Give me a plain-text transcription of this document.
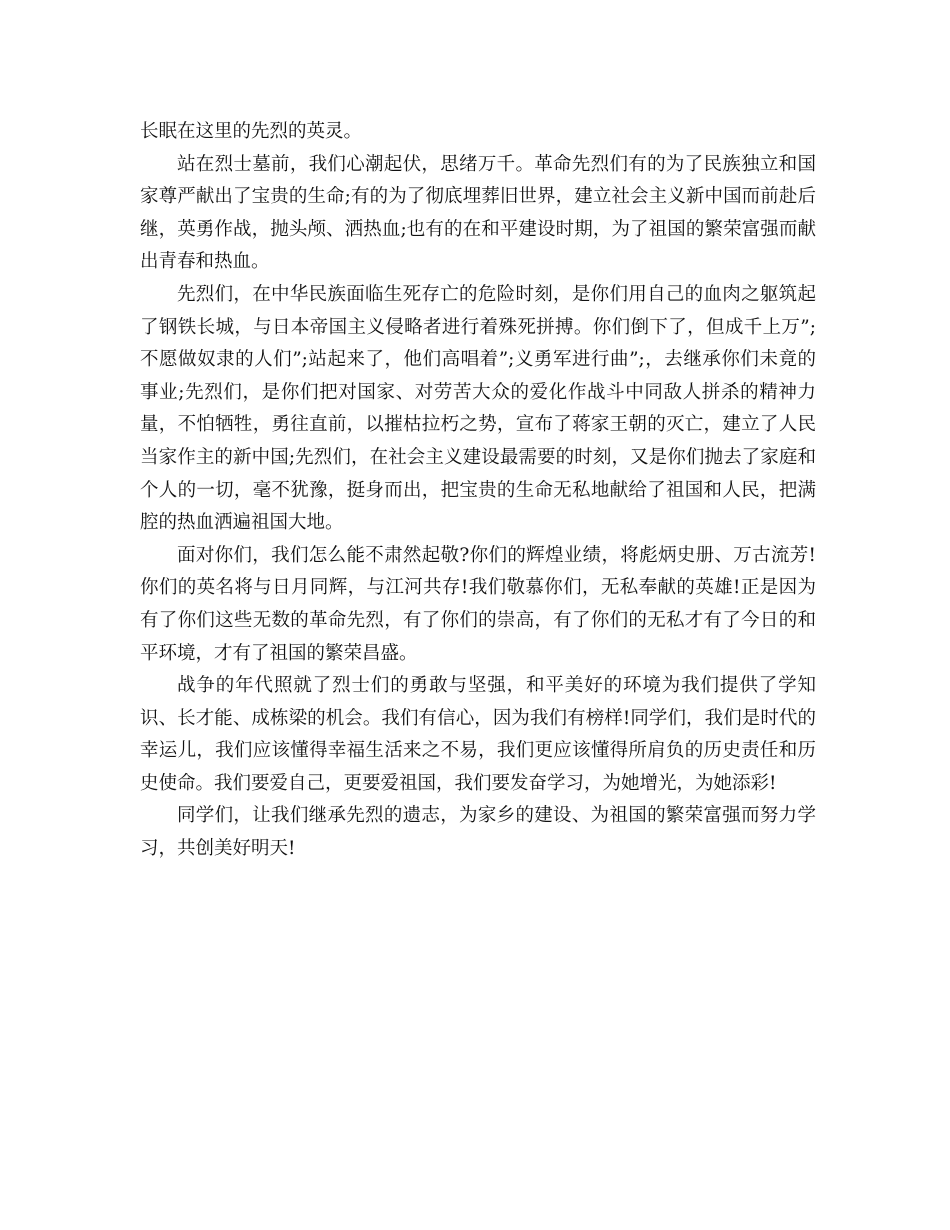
长眠在这里的先烈的英灵。

站在烈士墓前，我们心潮起伏，思绪万千。革命先烈们有的为了民族独立和国家尊严献出了宝贵的生命;有的为了彻底埋葬旧世界，建立社会主义新中国而前赴后继，英勇作战，抛头颅、洒热血;也有的在和平建设时期，为了祖国的繁荣富强而献出青春和热血。

先烈们，在中华民族面临生死存亡的危险时刻，是你们用自己的血肉之躯筑起了钢铁长城，与日本帝国主义侵略者进行着殊死拼搏。你们倒下了，但成千上万”;不愿做奴隶的人们”;站起来了，他们高唱着”;义勇军进行曲”;，去继承你们未竟的事业;先烈们，是你们把对国家、对劳苦大众的爱化作战斗中同敌人拼杀的精神力量，不怕牺牲，勇往直前，以摧枯拉朽之势，宣布了蒋家王朝的灭亡，建立了人民当家作主的新中国;先烈们，在社会主义建设最需要的时刻，又是你们抛去了家庭和个人的一切，毫不犹豫，挺身而出，把宝贵的生命无私地献给了祖国和人民，把满腔的热血洒遍祖国大地。

面对你们，我们怎么能不肃然起敬?你们的辉煌业绩，将彪炳史册、万古流芳!你们的英名将与日月同辉，与江河共存!我们敬慕你们，无私奉献的英雄!正是因为有了你们这些无数的革命先烈，有了你们的崇高，有了你们的无私才有了今日的和平环境，才有了祖国的繁荣昌盛。

战争的年代照就了烈士们的勇敢与坚强，和平美好的环境为我们提供了学知识、长才能、成栋梁的机会。我们有信心，因为我们有榜样!同学们，我们是时代的幸运儿，我们应该懂得幸福生活来之不易，我们更应该懂得所肩负的历史责任和历史使命。我们要爱自己，更要爱祖国，我们要发奋学习，为她增光，为她添彩!

同学们，让我们继承先烈的遗志，为家乡的建设、为祖国的繁荣富强而努力学习，共创美好明天!
